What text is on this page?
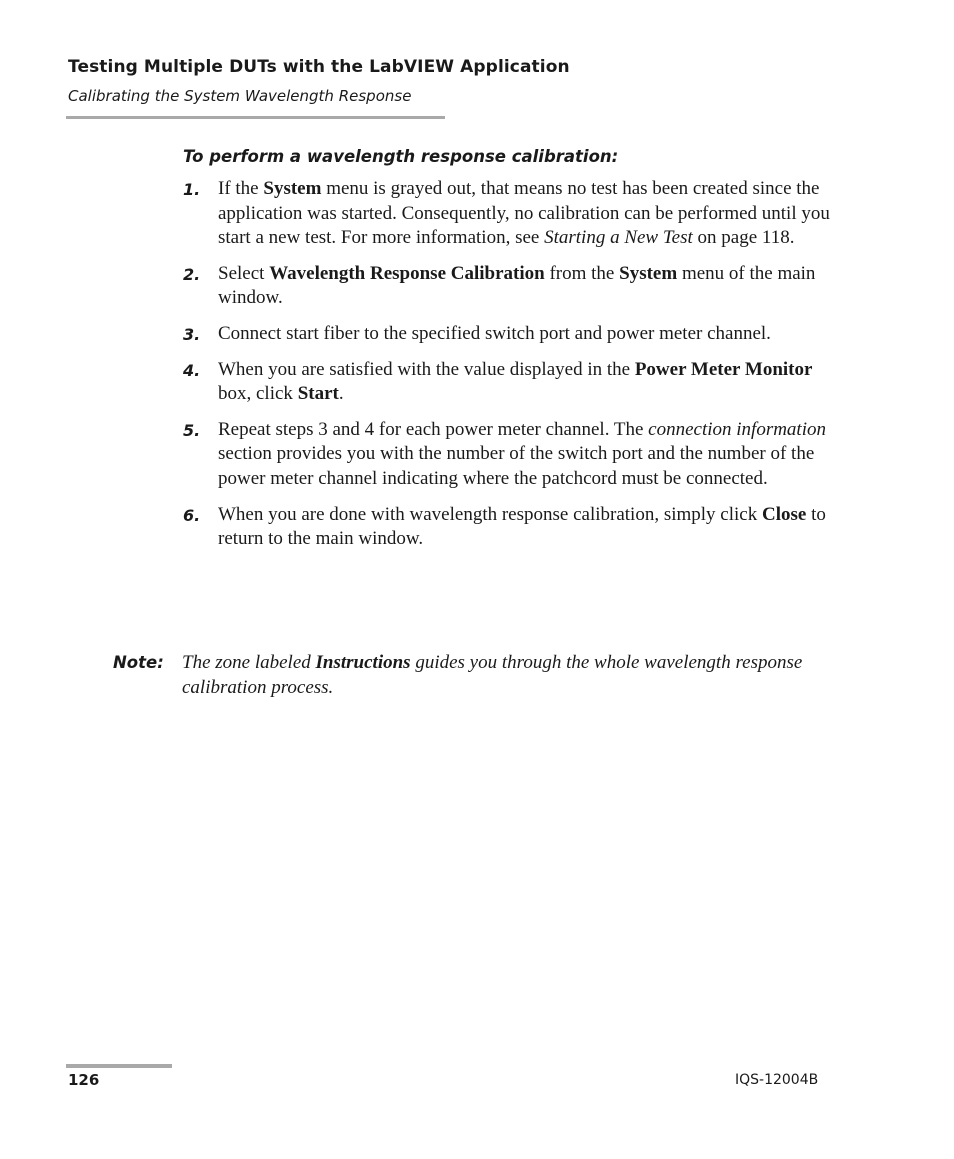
Testing Multiple DUTs with the LabVIEW Application
Calibrating the System Wavelength Response
To perform a wavelength response calibration:
1. If the System menu is grayed out, that means no test has been created since the application was started. Consequently, no calibration can be performed until you start a new test. For more information, see Starting a New Test on page 118.
2. Select Wavelength Response Calibration from the System menu of the main window.
3. Connect start fiber to the specified switch port and power meter channel.
4. When you are satisfied with the value displayed in the Power Meter Monitor box, click Start.
5. Repeat steps 3 and 4 for each power meter channel. The connection information section provides you with the number of the switch port and the number of the power meter channel indicating where the patchcord must be connected.
6. When you are done with wavelength response calibration, simply click Close to return to the main window.
Note: The zone labeled Instructions guides you through the whole wavelength response calibration process.
126	IQS-12004B
